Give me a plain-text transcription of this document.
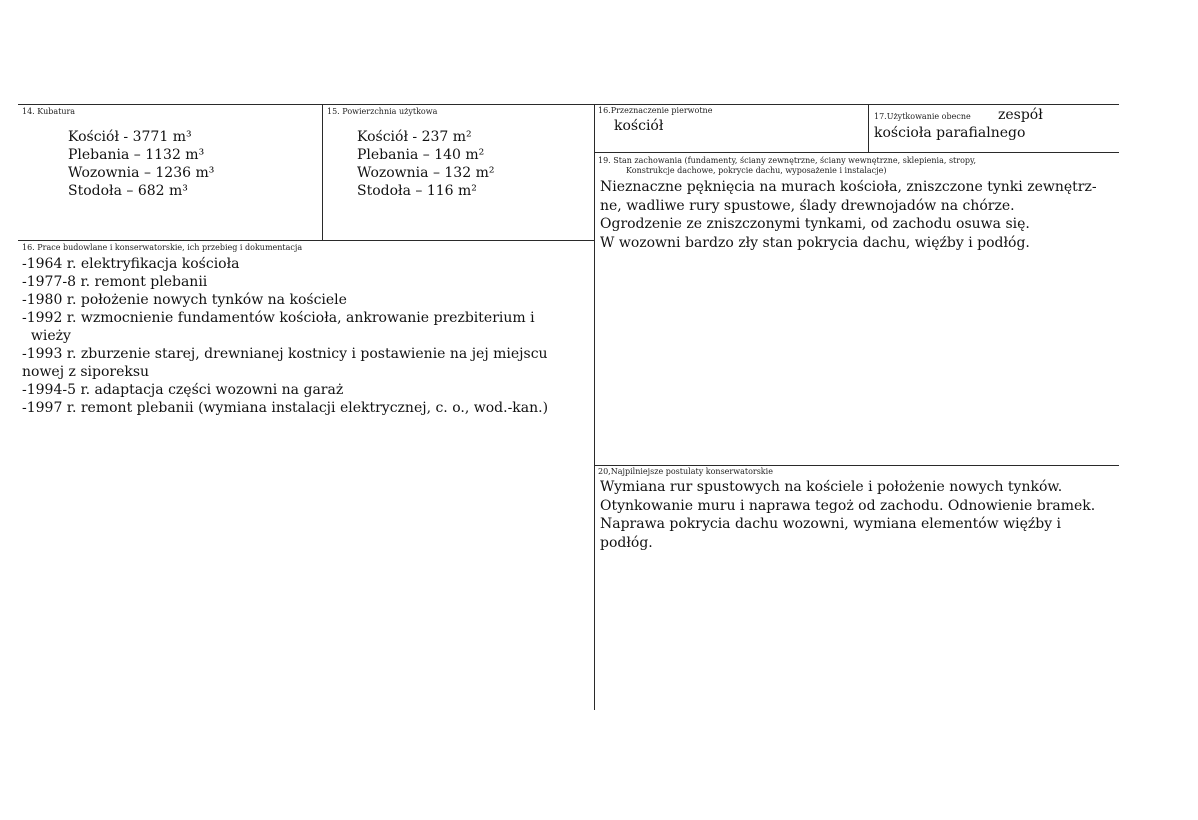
14. Kubatura
Kościół - 3771 m³
Plebania – 1132 m³
Wozownia – 1236 m³
Stodoła – 682 m³
15. Powierzchnia użytkowa
Kościół - 237 m²
Plebania – 140 m²
Wozownia – 132 m²
Stodoła – 116 m²
16.Przeznaczenie pierwotne
kościół
17.Użytkowanie obecne zespół
kościoła parafialnego
19. Stan zachowania (fundamenty, ściany zewnętrzne, ściany wewnętrzne, sklepienia, stropy,
Konstrukcje dachowe, pokrycie dachu, wyposażenie i instalacje)
Nieznaczne pęknięcia na murach kościoła, zniszczone tynki zewnętrz-
ne, wadliwe rury spustowe, ślady drewnojadów na chórze.
Ogrodzenie ze zniszczonymi tynkami, od zachodu osuwa się.
W wozowni bardzo zły stan pokrycia dachu, więźby i podłóg.
16. Prace budowlane i konserwatorskie, ich przebieg i dokumentacja
-1964 r. elektryfikacja kościoła
-1977-8 r. remont plebanii
-1980 r. położenie nowych tynków na kościele
-1992 r. wzmocnienie fundamentów kościoła, ankrowanie prezbiterium i
wieży
-1993 r. zburzenie starej, drewnianej kostnicy i postawienie na jej miejscu
nowej z siporeksu
-1994-5 r. adaptacja części wozowni na garaż
-1997 r. remont plebanii (wymiana instalacji elektrycznej, c. o., wod.-kan.)
20,Najpilniejsze postulaty konserwatorskie
Wymiana rur spustowych na kościele i położenie nowych tynków.
Otynkowanie muru i naprawa tegoż od zachodu. Odnowienie bramek.
Naprawa pokrycia dachu wozowni, wymiana elementów więźby i
podłóg.
